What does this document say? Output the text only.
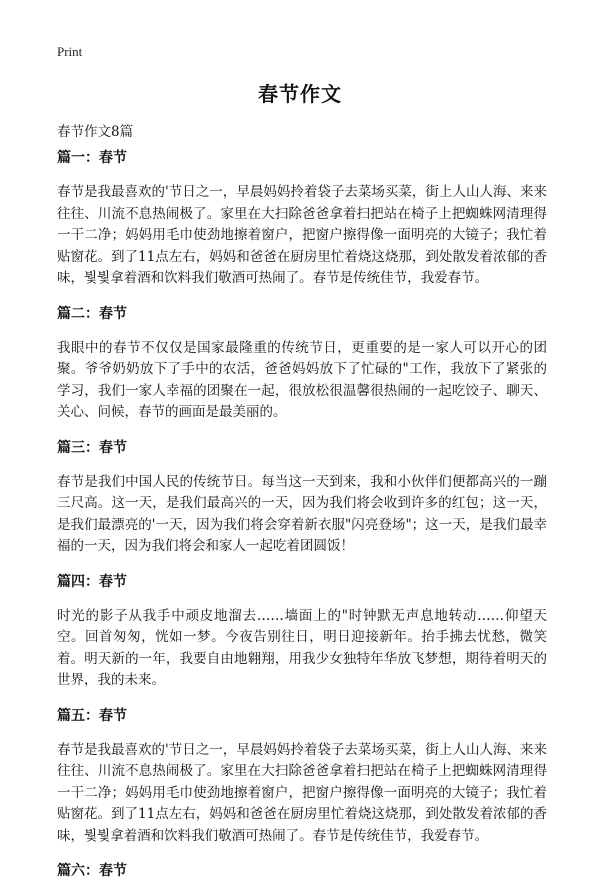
Print
春节作文

春节作文8篇

篇一：春节

春节是我最喜欢的'节日之一，早晨妈妈拎着袋子去菜场买菜，街上人山人海、来来往往、川流不息热闹极了。家里在大扫除爸爸拿着扫把站在椅子上把蜘蛛网清理得一干二净；妈妈用毛巾使劲地擦着窗户，把窗户擦得像一面明亮的大镜子；我忙着贴窗花。到了11点左右，妈妈和爸爸在厨房里忙着烧这烧那，到处散发着浓郁的香味，붳붳拿着酒和饮料我们敬酒可热闹了。春节是传统佳节，我爱春节。

篇二：春节

我眼中的春节不仅仅是国家最隆重的传统节日，更重要的是一家人可以开心的团聚。爷爷奶奶放下了手中的农活，爸爸妈妈放下了忙碌的"工作，我放下了紧张的学习，我们一家人幸福的团聚在一起，很放松很温馨很热闹的一起吃饺子、聊天、关心、问候，春节的画面是最美丽的。

篇三：春节

春节是我们中国人民的传统节日。每当这一天到来，我和小伙伴们便都高兴的一蹦三尺高。这一天，是我们最高兴的一天，因为我们将会收到许多的红包；这一天，是我们最漂亮的'一天，因为我们将会穿着新衣服"闪亮登场"；这一天，是我们最幸福的一天，因为我们将会和家人一起吃着团圆饭！

篇四：春节

时光的影子从我手中顽皮地溜去……墙面上的"时钟默无声息地转动……仰望天空。回首匆匆，恍如一梦。今夜告别往日，明日迎接新年。抬手拂去忧愁，微笑着。明天新的一年，我要自由地翱翔，用我少女独特年华放飞梦想，期待着明天的世界，我的未来。

篇五：春节

春节是我最喜欢的'节日之一，早晨妈妈拎着袋子去菜场买菜，街上人山人海、来来往往、川流不息热闹极了。家里在大扫除爸爸拿着扫把站在椅子上把蜘蛛网清理得一干二净；妈妈用毛巾使劲地擦着窗户，把窗户擦得像一面明亮的大镜子；我忙着贴窗花。到了11点左右，妈妈和爸爸在厨房里忙着烧这烧那，到处散发着浓郁的香味，붳붳拿着酒和饮料我们敬酒可热闹了。春节是传统佳节，我爱春节。

篇六：春节
